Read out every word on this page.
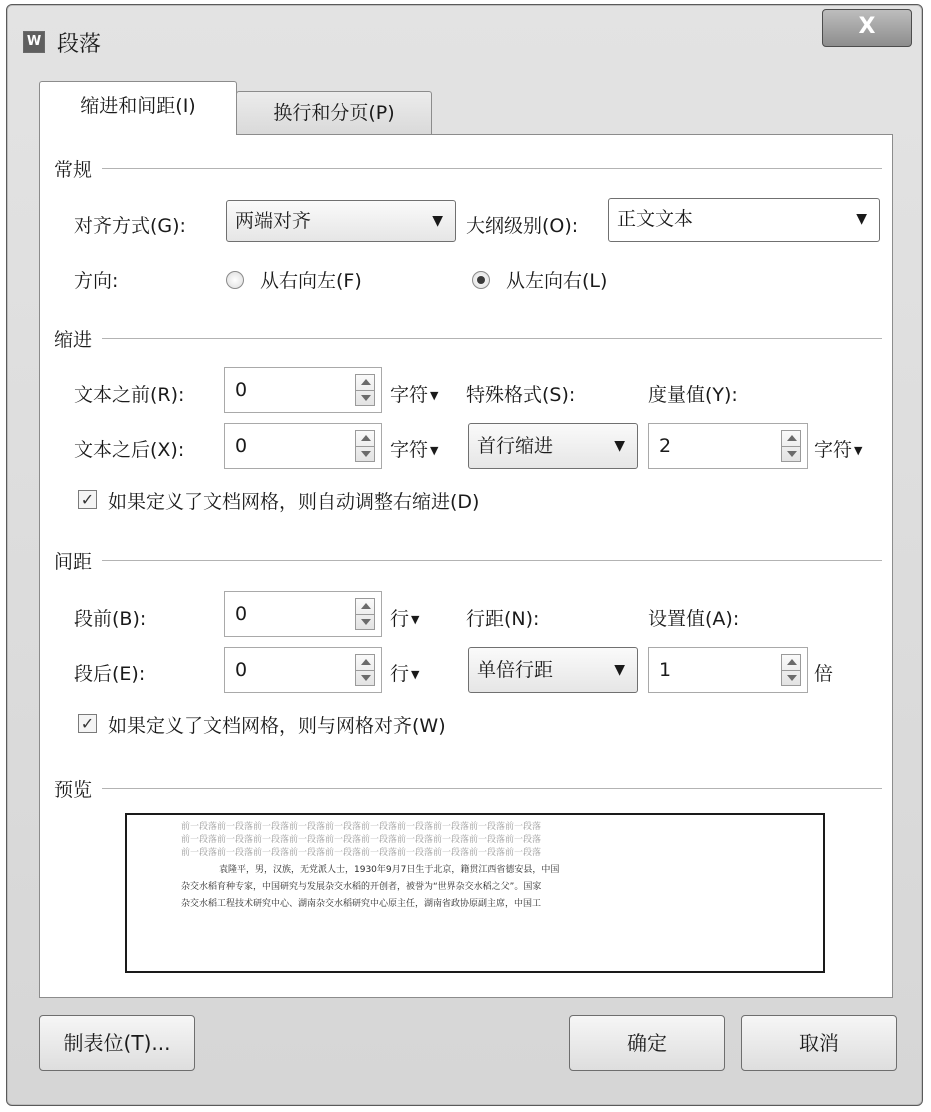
W 段落
X
缩进和间距(I)	换行和分页(P)
常规
对齐方式(G):	两端对齐	▼ 大纲级别(O):	正文文本	▼
方向:	从右向左(F)	从左向右(L)
缩进
文本之前(R):	0	字符 ▼ 特殊格式(S):	度量值(Y):
文本之后(X):	0	字符 ▼	首行缩进	▼	2	字符 ▼
✓ 如果定义了文档网格，则自动调整右缩进(D)
间距
段前(B):	0	行 ▼ 行距(N):	设置值(A):
段后(E):	0	行 ▼	单倍行距	▼	1	倍
✓ 如果定义了文档网格，则与网格对齐(W)
预览
前一段落前一段落前一段落前一段落前一段落前一段落前一段落前一段落前一段落前一段落
前一段落前一段落前一段落前一段落前一段落前一段落前一段落前一段落前一段落前一段落
前一段落前一段落前一段落前一段落前一段落前一段落前一段落前一段落前一段落前一段落
袁隆平，男，汉族，无党派人士，1930年9月7日生于北京，籍贯江西省德安县，中国
杂交水稻育种专家，中国研究与发展杂交水稻的开创者，被誉为“世界杂交水稻之父”。国家
杂交水稻工程技术研究中心、湖南杂交水稻研究中心原主任，湖南省政协原副主席，中国工
制表位(T)...	确定	取消
